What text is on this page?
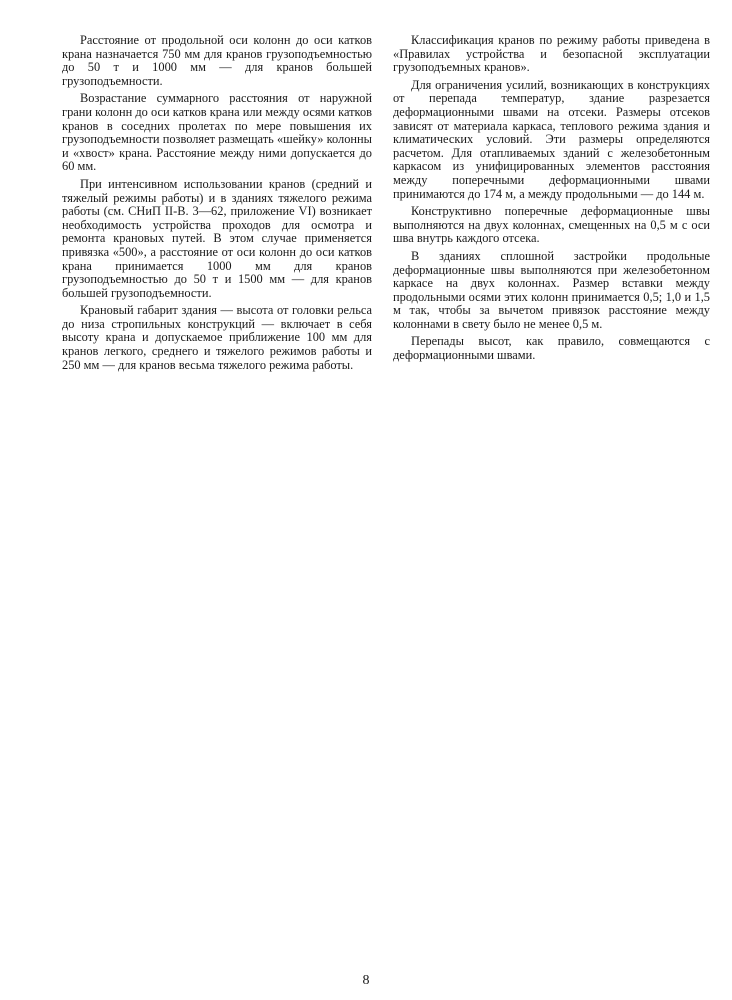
Расстояние от продольной оси колонн до оси катков крана назначается 750 мм для кранов грузоподъемностью до 50 т и 1000 мм — для кранов большей грузоподъемности.

Возрастание суммарного расстояния от наружной грани колонн до оси катков крана или между осями катков кранов в соседних пролетах по мере повышения их грузоподъемности позволяет размещать «шейку» колонны и «хвост» крана. Расстояние между ними допускается до 60 мм.

При интенсивном использовании кранов (средний и тяжелый режимы работы) и в зданиях тяжелого режима работы (см. СНиП II-В. 3—62, приложение VI) возникает необходимость устройства проходов для осмотра и ремонта крановых путей. В этом случае применяется привязка «500», а расстояние от оси колонн до оси катков крана принимается 1000 мм для кранов грузоподъемностью до 50 т и 1500 мм — для кранов большей грузоподъемности.

Крановый габарит здания — высота от головки рельса до низа стропильных конструкций — включает в себя высоту крана и допускаемое приближение 100 мм для кранов легкого, среднего и тяжелого режимов работы и 250 мм — для кранов весьма тяжелого режима работы.

Классификация кранов по режиму работы приведена в «Правилах устройства и безопасной эксплуатации грузоподъемных кранов».

Для ограничения усилий, возникающих в конструкциях от перепада температур, здание разрезается деформационными швами на отсеки. Размеры отсеков зависят от материала каркаса, теплового режима здания и климатических условий. Эти размеры определяются расчетом. Для отапливаемых зданий с железобетонным каркасом из унифицированных элементов расстояния между поперечными деформационными швами принимаются до 174 м, а между продольными — до 144 м.

Конструктивно поперечные деформационные швы выполняются на двух колоннах, смещенных на 0,5 м с оси шва внутрь каждого отсека.

В зданиях сплошной застройки продольные деформационные швы выполняются при железобетонном каркасе на двух колоннах. Размер вставки между продольными осями этих колонн принимается 0,5; 1,0 и 1,5 м так, чтобы за вычетом привязок расстояние между колоннами в свету было не менее 0,5 м.

Перепады высот, как правило, совмещаются с деформационными швами.

8
